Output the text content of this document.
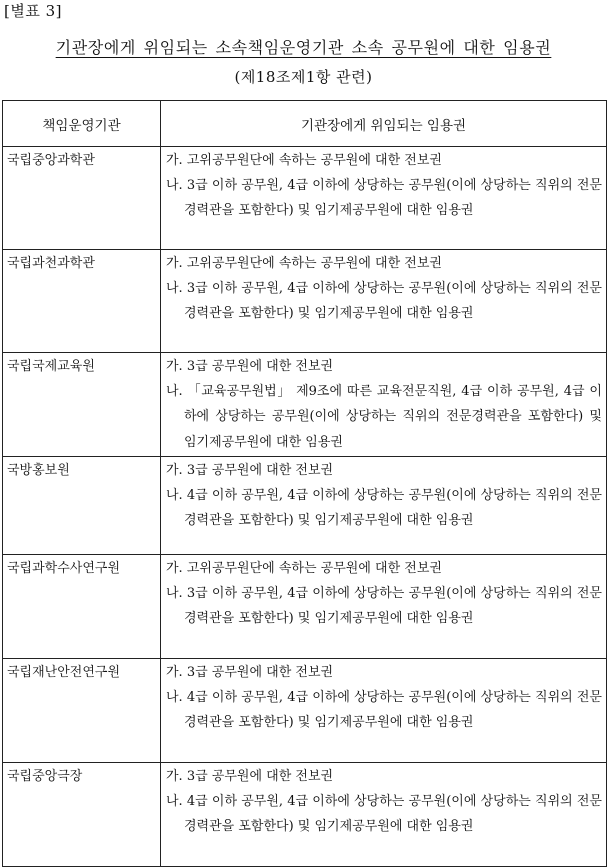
[별표 3]
기관장에게 위임되는 소속책임운영기관 소속 공무원에 대한 임용권
(제18조제1항 관련)
책임운영기관	기관장에게 위임되는 임용권

국립중앙과학관	가. 고위공무원단에 속하는 공무원에 대한 전보권
나. 3급 이하 공무원, 4급 이하에 상당하는 공무원(이에 상당하는 직위의 전문경력관을 포함한다) 및 임기제공무원에 대한 임용권

국립과천과학관	가. 고위공무원단에 속하는 공무원에 대한 전보권
나. 3급 이하 공무원, 4급 이하에 상당하는 공무원(이에 상당하는 직위의 전문경력관을 포함한다) 및 임기제공무원에 대한 임용권

국립국제교육원	가. 3급 공무원에 대한 전보권
나. 「교육공무원법」 제9조에 따른 교육전문직원, 4급 이하 공무원, 4급 이하에 상당하는 공무원(이에 상당하는 직위의 전문경력관을 포함한다) 및 임기제공무원에 대한 임용권

국방홍보원	가. 3급 공무원에 대한 전보권
나. 4급 이하 공무원, 4급 이하에 상당하는 공무원(이에 상당하는 직위의 전문경력관을 포함한다) 및 임기제공무원에 대한 임용권

국립과학수사연구원	가. 고위공무원단에 속하는 공무원에 대한 전보권
나. 3급 이하 공무원, 4급 이하에 상당하는 공무원(이에 상당하는 직위의 전문경력관을 포함한다) 및 임기제공무원에 대한 임용권

국립재난안전연구원	가. 3급 공무원에 대한 전보권
나. 4급 이하 공무원, 4급 이하에 상당하는 공무원(이에 상당하는 직위의 전문경력관을 포함한다) 및 임기제공무원에 대한 임용권

국립중앙극장	가. 3급 공무원에 대한 전보권
나. 4급 이하 공무원, 4급 이하에 상당하는 공무원(이에 상당하는 직위의 전문경력관을 포함한다) 및 임기제공무원에 대한 임용권
